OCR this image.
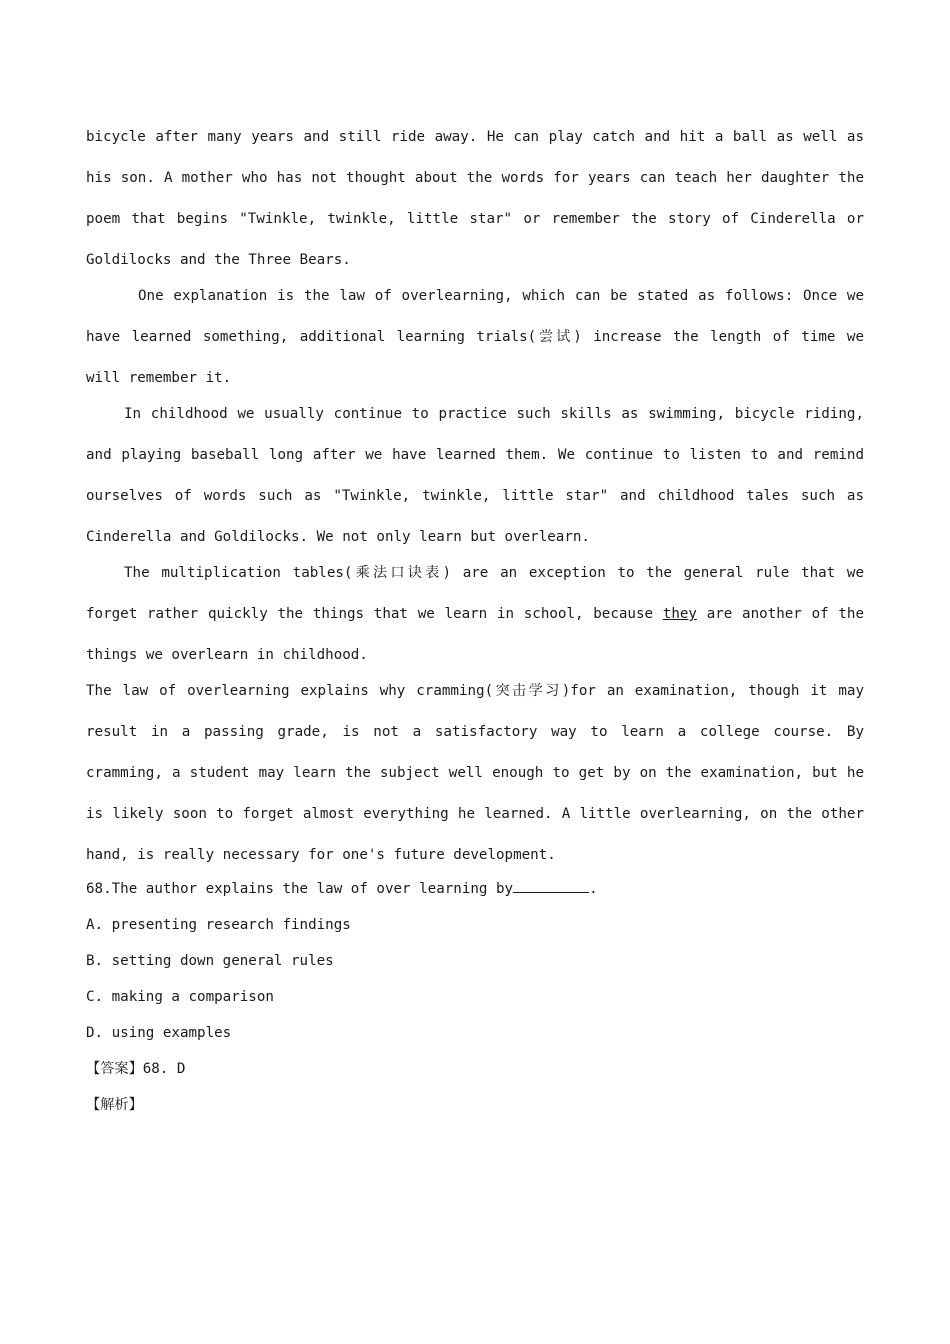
bicycle after many years and still ride away. He can play catch and hit a ball as well as his son. A mother who has not thought about the words for years can teach her daughter the poem that begins "Twinkle, twinkle, little star" or remember the story of Cinderella or Goldilocks and the Three Bears.

One explanation is the law of overlearning, which can be stated as follows: Once we have learned something, additional learning trials(尝试) increase the length of time we will remember it.

In childhood we usually continue to practice such skills as swimming, bicycle riding, and playing baseball long after we have learned them. We continue to listen to and remind ourselves of words such as "Twinkle, twinkle, little star" and childhood tales such as Cinderella and Goldilocks. We not only learn but overlearn.

The multiplication tables(乘法口诀表) are an exception to the general rule that we forget rather quickly the things that we learn in school, because they are another of the things we overlearn in childhood.

The law of overlearning explains why cramming(突击学习)for an examination, though it may result in a passing grade, is not a satisfactory way to learn a college course. By cramming, a student may learn the subject well enough to get by on the examination, but he is likely soon to forget almost everything he learned. A little overlearning, on the other hand, is really necessary for one's future development.

68.The author explains the law of over learning by	.

A. presenting research findings

B. setting down general rules

C. making a comparison

D. using examples

【答案】68. D

【解析】
